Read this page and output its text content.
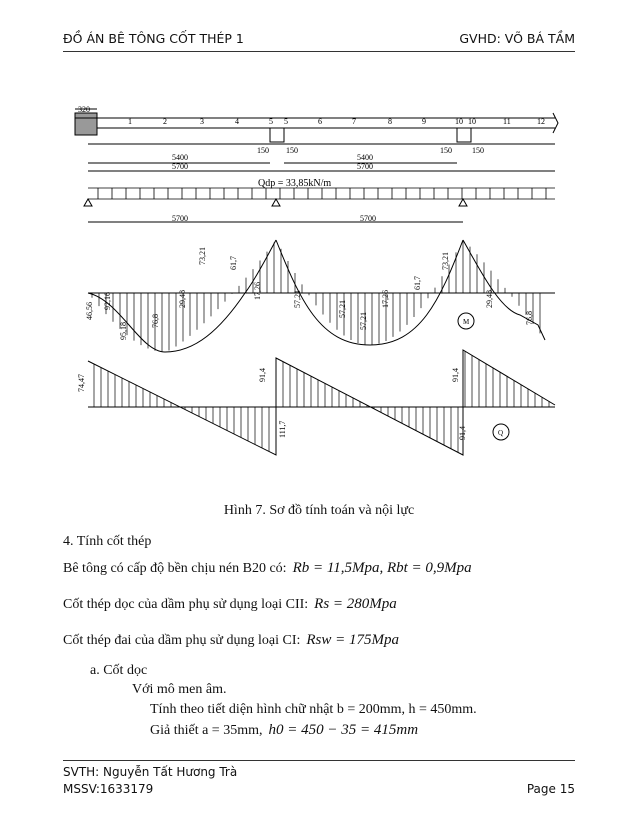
ĐỒ ÁN BÊ TÔNG CỐT THÉP 1	GVHD: VÕ BÁ TẦM
320
1	2	3	4	5 5	6	7	8	9	10 10	11	12
150 150	150	150
5400
5700
5400
5700
Qdp = 33,85kN/m
5700	5700
M
46,56
92,16
95,18
76,8
29,48
73,21	61,7
17,26	57,21
57,21
57,21
17,26
61,7
73,21
29,48
76,8
Q
74,47	91,4
111,7
91,4
91,4
Hình 7. Sơ đồ tính toán và nội lực
4. Tính cốt thép
Bê tông có cấp độ bền chịu nén B20 có: Rb = 11,5Mpa, Rbt = 0,9Mpa
Cốt thép dọc của dầm phụ sử dụng loại CII: Rs = 280Mpa
Cốt thép đai của dầm phụ sử dụng loại CI: Rsw = 175Mpa
a. Cốt dọc
Với mô men âm.
Tính theo tiết diện hình chữ nhật b = 200mm, h = 450mm.
Giả thiết a = 35mm, h0 = 450 − 35 = 415mm
SVTH: Nguyễn Tất Hương Trà
MSSV:1633179	Page 15
